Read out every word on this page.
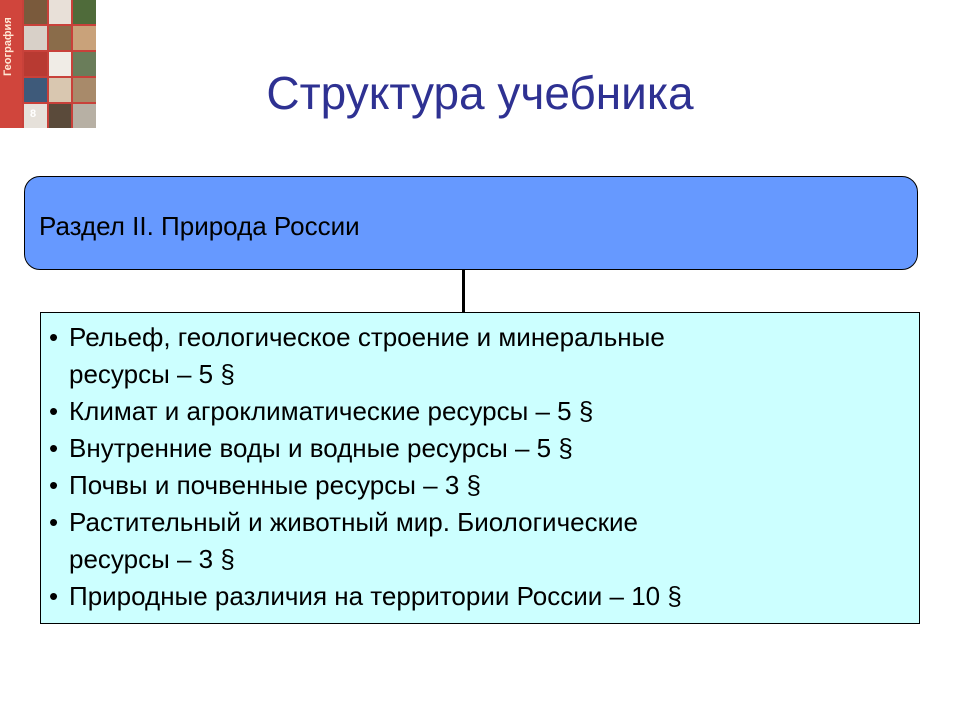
География
8	Структура учебника
Раздел II. Природа России
• Рельеф, геологическое строение и минеральные
ресурсы – 5 §
• Климат и агроклиматические ресурсы – 5 §
• Внутренние воды и водные ресурсы – 5 §
• Почвы и почвенные ресурсы – 3 §
• Растительный и животный мир. Биологические
ресурсы – 3 §
• Природные различия на территории России – 10 §
